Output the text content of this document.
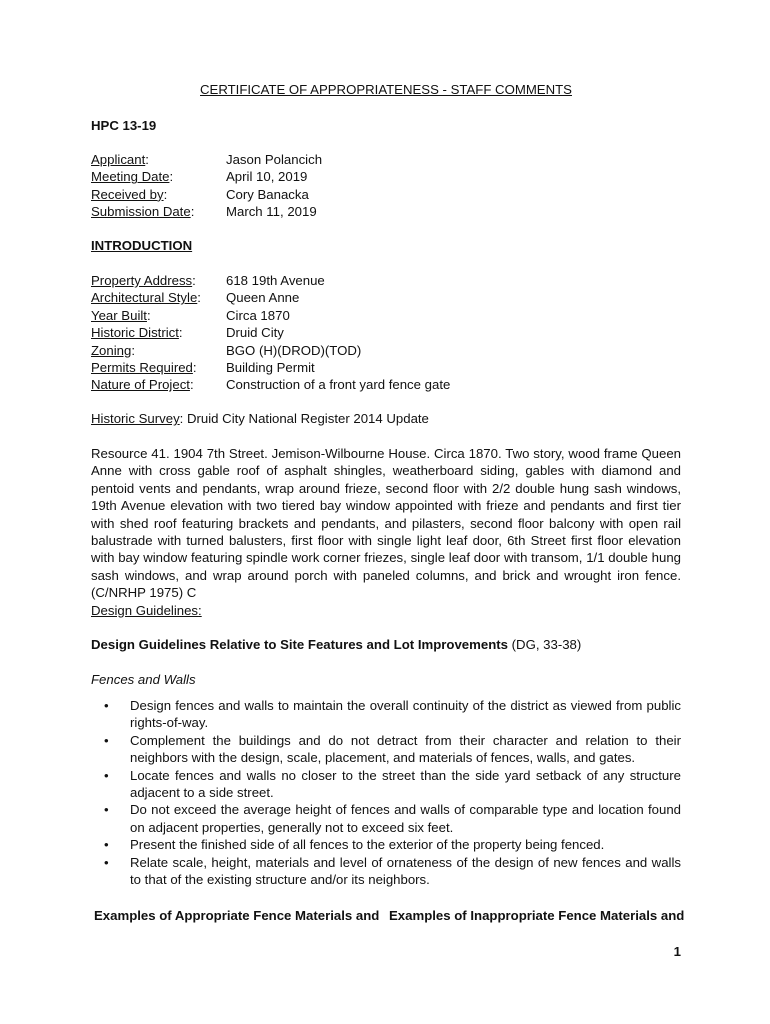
CERTIFICATE OF APPROPRIATENESS - STAFF COMMENTS
HPC 13-19
Applicant:	Jason Polancich
Meeting Date:	April 10, 2019
Received by:	Cory Banacka
Submission Date: March 11, 2019
INTRODUCTION
Property Address: 618 19th Avenue
Architectural Style: Queen Anne
Year Built:	Circa 1870
Historic District:	Druid City
Zoning:	BGO (H)(DROD)(TOD)
Permits Required: Building Permit
Nature of Project: Construction of a front yard fence gate
Historic Survey: Druid City National Register 2014 Update
Resource 41. 1904 7th Street. Jemison-Wilbourne House. Circa 1870. Two story, wood frame Queen Anne with cross gable roof of asphalt shingles, weatherboard siding, gables with diamond and pentoid vents and pendants, wrap around frieze, second floor with 2/2 double hung sash windows, 19th Avenue elevation with two tiered bay window appointed with frieze and pendants and first tier with shed roof featuring brackets and pendants, and pilasters, second floor balcony with open rail balustrade with turned balusters, first floor with single light leaf door, 6th Street first floor elevation with bay window featuring spindle work corner friezes, single leaf door with transom, 1/1 double hung sash windows, and wrap around porch with paneled columns, and brick and wrought iron fence. (C/NRHP 1975) C
Design Guidelines:
Design Guidelines Relative to Site Features and Lot Improvements (DG, 33-38)
Fences and Walls
• Design fences and walls to maintain the overall continuity of the district as viewed from public rights-of-way.
• Complement the buildings and do not detract from their character and relation to their neighbors with the design, scale, placement, and materials of fences, walls, and gates.
• Locate fences and walls no closer to the street than the side yard setback of any structure adjacent to a side street.
• Do not exceed the average height of fences and walls of comparable type and location found on adjacent properties, generally not to exceed six feet.
• Present the finished side of all fences to the exterior of the property being fenced.
• Relate scale, height, materials and level of ornateness of the design of new fences and walls to that of the existing structure and/or its neighbors.
Examples of Appropriate Fence Materials and Examples of Inappropriate Fence Materials and
1
